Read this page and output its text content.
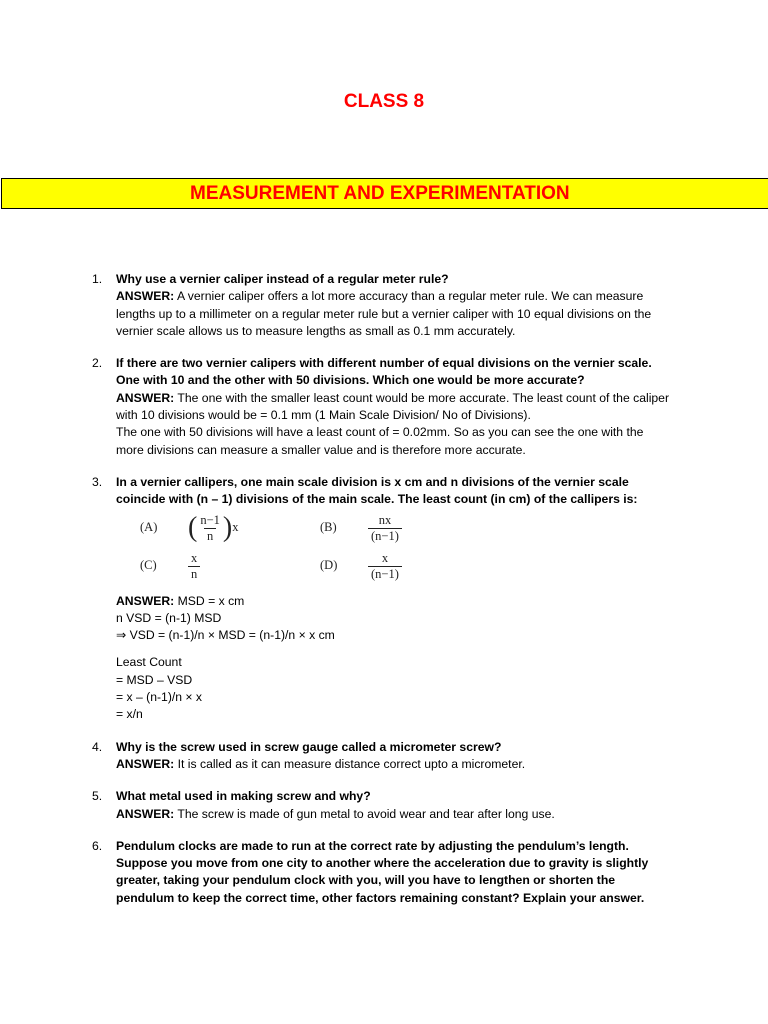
CLASS 8
MEASUREMENT AND EXPERIMENTATION
1. Why use a vernier caliper instead of a regular meter rule?
ANSWER: A vernier caliper offers a lot more accuracy than a regular meter rule. We can measure lengths up to a millimeter on a regular meter rule but a vernier caliper with 10 equal divisions on the vernier scale allows us to measure lengths as small as 0.1 mm accurately.
2. If there are two vernier calipers with different number of equal divisions on the vernier scale. One with 10 and the other with 50 divisions. Which one would be more accurate?
ANSWER: The one with the smaller least count would be more accurate. The least count of the caliper with 10 divisions would be = 0.1 mm (1 Main Scale Division/ No of Divisions).
The one with 50 divisions will have a least count of = 0.02mm. So as you can see the one with the more divisions can measure a smaller value and is therefore more accurate.
3. In a vernier callipers, one main scale division is x cm and n divisions of the vernier scale coincide with (n – 1) divisions of the main scale. The least count (in cm) of the callipers is:
(A)	( $\frac{n-1}{n}$ ) x	(B)	$\frac{nx}{(n-1)}$
(C)	$\frac{x}{n}$	(D)	$\frac{x}{(n-1)}$
ANSWER: MSD = x cm
n VSD = (n-1) MSD
⇒ VSD = (n-1)/n × MSD = (n-1)/n × x cm
Least Count
= MSD – VSD
= x – (n-1)/n × x
= x/n
4. Why is the screw used in screw gauge called a micrometer screw?
ANSWER: It is called as it can measure distance correct upto a micrometer.
5. What metal used in making screw and why?
ANSWER: The screw is made of gun metal to avoid wear and tear after long use.
6. Pendulum clocks are made to run at the correct rate by adjusting the pendulum’s length. Suppose you move from one city to another where the acceleration due to gravity is slightly greater, taking your pendulum clock with you, will you have to lengthen or shorten the pendulum to keep the correct time, other factors remaining constant? Explain your answer.
